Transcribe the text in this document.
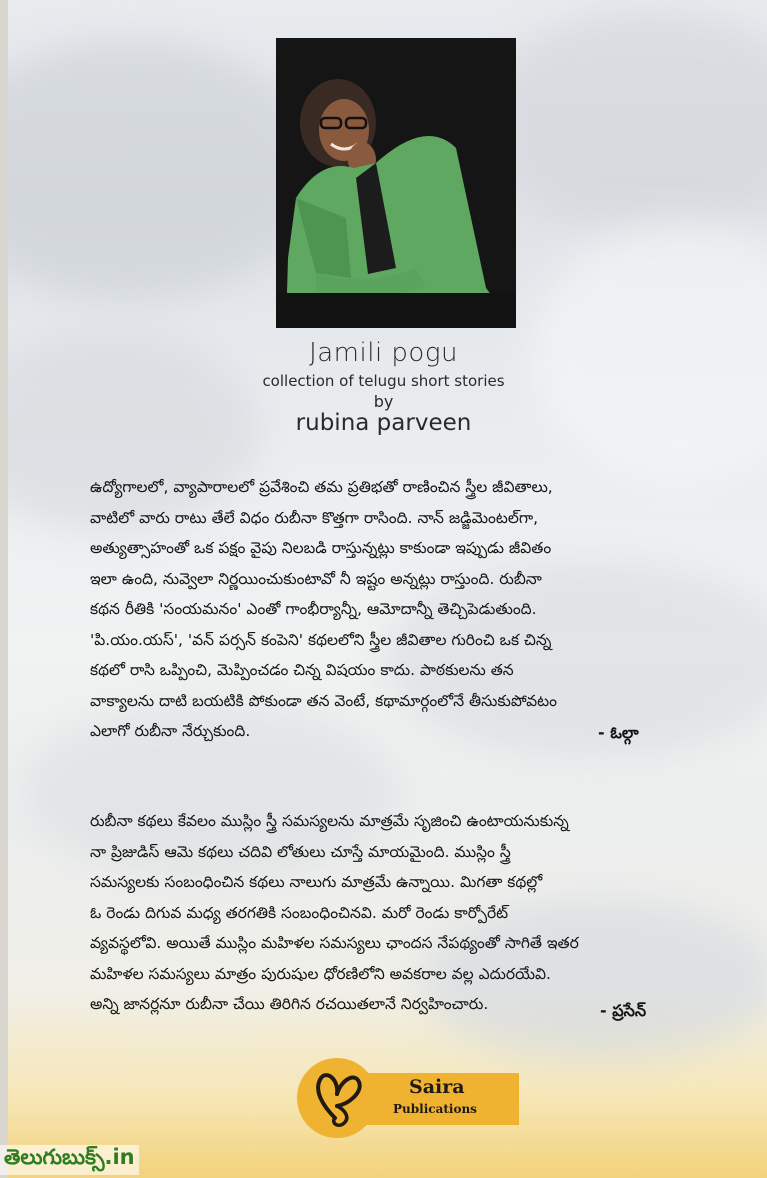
Jamili pogu
collection of telugu short stories
by
rubina parveen
ఉద్యోగాలలో, వ్యాపారాలలో ప్రవేశించి తమ ప్రతిభతో రాణించిన స్త్రీల జీవితాలు,
వాటిలో వారు రాటు తేలే విధం రుబీనా కొత్తగా రాసింది. నాన్ జడ్జిమెంటల్‌గా,
అత్యుత్సాహంతో ఒక పక్షం వైపు నిలబడి రాస్తున్నట్లు కాకుండా ఇప్పుడు జీవితం
ఇలా ఉంది, నువ్వెలా నిర్ణయించుకుంటావో నీ ఇష్టం అన్నట్లు రాస్తుంది. రుబీనా
కథన రీతికి 'సంయమనం' ఎంతో గాంభీర్యాన్నీ, ఆమోదాన్నీ తెచ్చిపెడుతుంది.
'పి.యం.యస్', 'వన్ పర్సన్ కంపెని' కథలలోని స్త్రీల జీవితాల గురించి ఒక చిన్న
కథలో రాసి ఒప్పించి, మెప్పించడం చిన్న విషయం కాదు. పాఠకులను తన
వాక్యాలను దాటి బయటికి పోకుండా తన వెంటే, కథామార్గంలోనే తీసుకుపోవటం
ఎలాగో రుబీనా నేర్చుకుంది.	- ఓల్గా
రుబీనా కథలు కేవలం ముస్లిం స్త్రీ సమస్యలను మాత్రమే సృజించి ఉంటాయనుకున్న
నా ప్రిజుడిస్ ఆమె కథలు చదివి లోతులు చూస్తే మాయమైంది. ముస్లిం స్త్రీ
సమస్యలకు సంబంధించిన కథలు నాలుగు మాత్రమే ఉన్నాయి. మిగతా కథల్లో
ఓ రెండు దిగువ మధ్య తరగతికి సంబంధించినవి. మరో రెండు కార్పోరేట్
వ్యవస్థలోవి. అయితే ముస్లిం మహిళల సమస్యలు ఛాందస నేపథ్యంతో సాగితే ఇతర
మహిళల సమస్యలు మాత్రం పురుషుల ధోరణిలోని అవకరాల వల్ల ఎదురయేవి.
అన్ని జానర్లనూ రుబీనా చేయి తిరిగిన రచయితలానే నిర్వహించారు.	- ప్రసేన్
Saira
Publications
తెలుగుబుక్స్.in
